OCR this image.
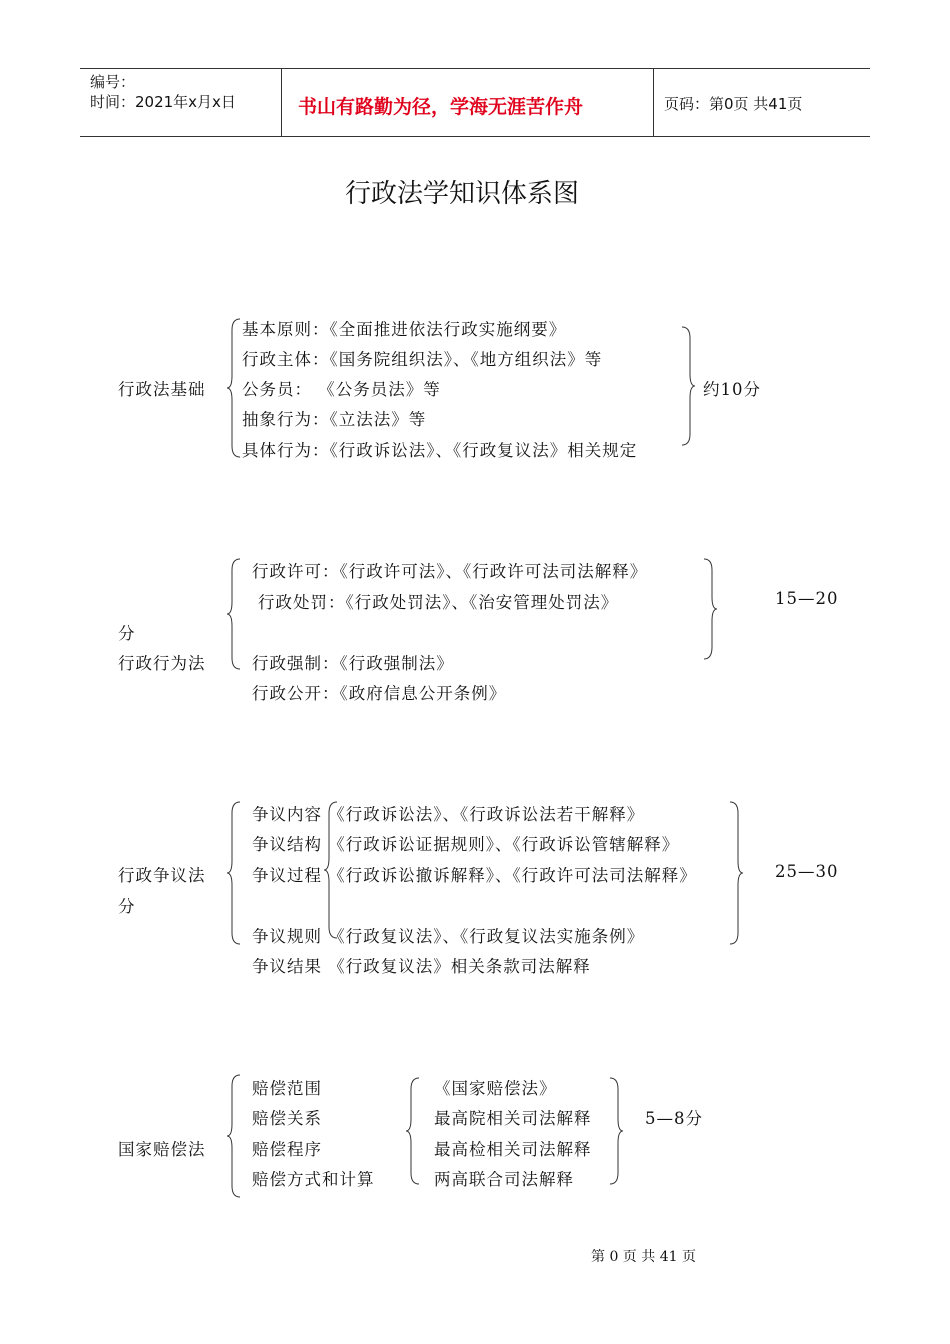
编号：
时间：2021年x月x日	书山有路勤为径，学海无涯苦作舟	页码：第0页 共41页
行政法学知识体系图
行政法基础
基本原则：《全面推进依法行政实施纲要》
行政主体：《国务院组织法》、《地方组织法》等
公务员： 《公务员法》等
抽象行为：《立法法》等
具体行为：《行政诉讼法》、《行政复议法》相关规定
约10分
行政许可：《行政许可法》、《行政许可法司法解释》
行政处罚：《行政处罚法》、《治安管理处罚法》
行政强制：《行政强制法》
行政公开：《政府信息公开条例》
15—20
分
行政行为法
争议内容 《行政诉讼法》、《行政诉讼法若干解释》
争议结构 《行政诉讼证据规则》、《行政诉讼管辖解释》
争议过程 《行政诉讼撤诉解释》、《行政许可法司法解释》
争议规则 《行政复议法》、《行政复议法实施条例》
争议结果 《行政复议法》相关条款司法解释
25—30
行政争议法
分
国家赔偿法
赔偿范围
赔偿关系
赔偿程序
赔偿方式和计算
《国家赔偿法》
最高院相关司法解释
最高检相关司法解释
两高联合司法解释
5—8分
第 0 页 共 41 页
